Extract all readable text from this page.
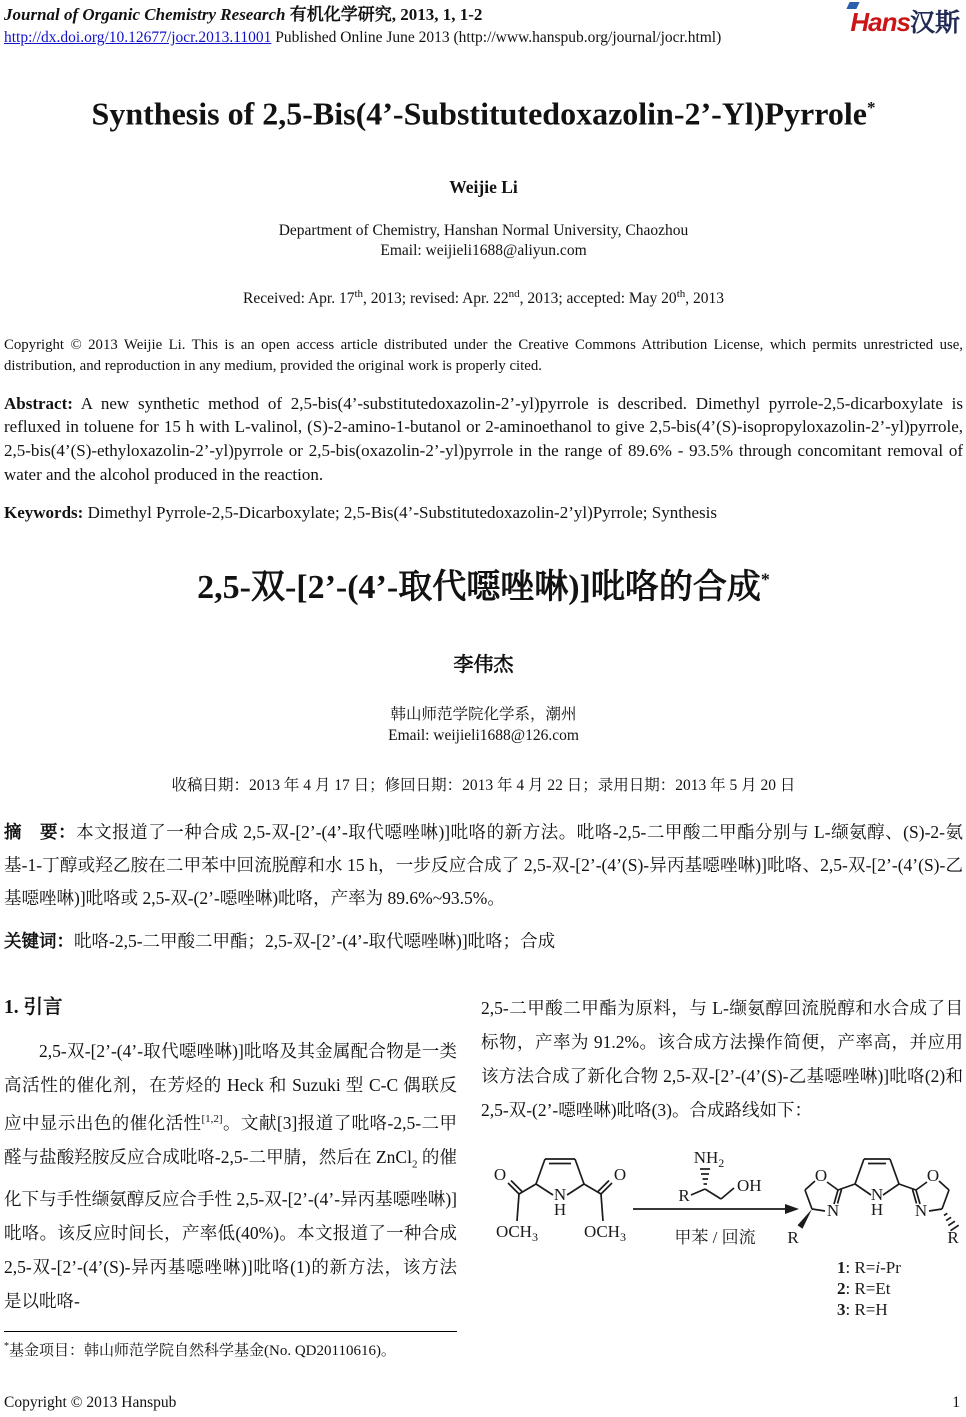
Journal of Organic Chemistry Research 有机化学研究, 2013, 1, 1-2
http://dx.doi.org/10.12677/jocr.2013.11001 Published Online June 2013 (http://www.hanspub.org/journal/jocr.html)
Hans汉斯
Synthesis of 2,5-Bis(4’-Substitutedoxazolin-2’-Yl)Pyrrole*
Weijie Li
Department of Chemistry, Hanshan Normal University, Chaozhou
Email: weijieli1688@aliyun.com
Received: Apr. 17th, 2013; revised: Apr. 22nd, 2013; accepted: May 20th, 2013
Copyright © 2013 Weijie Li. This is an open access article distributed under the Creative Commons Attribution License, which permits unrestricted use, distribution, and reproduction in any medium, provided the original work is properly cited.
Abstract: A new synthetic method of 2,5-bis(4’-substitutedoxazolin-2’-yl)pyrrole is described. Dimethyl pyrrole-2,5-dicarboxylate is refluxed in toluene for 15 h with L-valinol, (S)-2-amino-1-butanol or 2-aminoethanol to give 2,5-bis(4’(S)-isopropyloxazolin-2’-yl)pyrrole, 2,5-bis(4’(S)-ethyloxazolin-2’-yl)pyrrole or 2,5-bis(oxazolin-2’-yl)pyrrole in the range of 89.6% - 93.5% through concomitant removal of water and the alcohol produced in the reaction.
Keywords: Dimethyl Pyrrole-2,5-Dicarboxylate; 2,5-Bis(4’-Substitutedoxazolin-2’yl)Pyrrole; Synthesis
2,5-双-[2’-(4’-取代噁唑啉)]吡咯的合成*
李伟杰
韩山师范学院化学系，潮州
Email: weijieli1688@126.com
收稿日期：2013 年 4 月 17 日；修回日期：2013 年 4 月 22 日；录用日期：2013 年 5 月 20 日
摘　要：本文报道了一种合成 2,5-双-[2’-(4’-取代噁唑啉)]吡咯的新方法。吡咯-2,5-二甲酸二甲酯分别与 L-缬氨醇、(S)-2-氨基-1-丁醇或羟乙胺在二甲苯中回流脱醇和水 15 h，一步反应合成了 2,5-双-[2’-(4’(S)-异丙基噁唑啉)]吡咯、2,5-双-[2’-(4’(S)-乙基噁唑啉)]吡咯或 2,5-双-(2’-噁唑啉)吡咯，产率为 89.6%~93.5%。
关键词：吡咯-2,5-二甲酸二甲酯；2,5-双-[2’-(4’-取代噁唑啉)]吡咯；合成
1. 引言

2,5-双-[2’-(4’-取代噁唑啉)]吡咯及其金属配合物是一类高活性的催化剂，在芳烃的 Heck 和 Suzuki 型 C-C 偶联反应中显示出色的催化活性[1,2]。文献[3]报道了吡咯-2,5-二甲醛与盐酸羟胺反应合成吡咯-2,5-二甲腈，然后在 ZnCl$_2$ 的催化下与手性缬氨醇反应合手性 2,5-双-[2’-(4’-异丙基噁唑啉)]吡咯。该反应时间长，产率低(40%)。本文报道了一种合成 2,5-双-[2’-(4’(S)-异丙基噁唑啉)]吡咯(1)的新方法，该方法是以吡咯-

*基金项目：韩山师范学院自然科学基金(No. QD20110616)。

2,5-二甲酸二甲酯为原料，与 L-缬氨醇回流脱醇和水合成了目标物，产率为 91.2%。该合成方法操作简便，产率高，并应用该方法合成了新化合物 2,5-双-[2’-(4’(S)-乙基噁唑啉)]吡咯(2)和 2,5-双-(2’-噁唑啉)吡咯(3)。合成路线如下：

N
H
O
$OCH_3$
O
$OCH_3$
R
$NH_2$
OH
甲苯 / 回流
N
H
O
N
R
O
N
R
1: R=i-Pr
2: R=Et
3: R=H
Copyright © 2013 Hanspub	1
